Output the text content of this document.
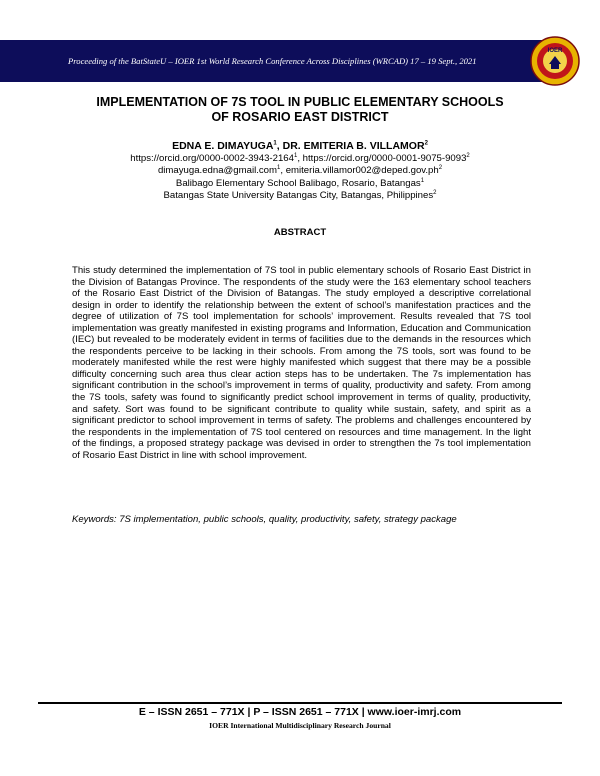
Proceeding of the BatStateU – IOER 1st World Research Conference Across Disciplines (WRCAD) 17 – 19 Sept., 2021
IOER
IMPLEMENTATION OF 7S TOOL IN PUBLIC ELEMENTARY SCHOOLS
OF ROSARIO EAST DISTRICT
EDNA E. DIMAYUGA$^1$, DR. EMITERIA B. VILLAMOR$^2$
https://orcid.org/0000-0002-3943-2164$^1$, https://orcid.org/0000-0001-9075-9093$^2$
dimayuga.edna@gmail.com$^1$, $emiteria.villamor002@deped.gov.ph^2$
Balibago Elementary School Balibago, Rosario, Batangas$^1$
Batangas State University Batangas City, Batangas, Philippines$^2$
ABSTRACT
This study determined the implementation of 7S tool in public elementary schools of Rosario East District in the Division of Batangas Province. The respondents of the study were the 163 elementary school teachers of the Rosario East District of the Division of Batangas. The study employed a descriptive correlational design in order to identify the relationship between the extent of school’s manifestation practices and the degree of utilization of 7S tool implementation for schools’ improvement. Results revealed that 7S tool implementation was greatly manifested in existing programs and Information, Education and Communication (IEC) but revealed to be moderately evident in terms of facilities due to the demands in the resources which the respondents perceive to be lacking in their schools. From among the 7S tools, sort was found to be moderately manifested while the rest were highly manifested which suggest that there may be a possible difficulty concerning such area thus clear action steps has to be undertaken. The 7s implementation has significant contribution in the school’s improvement in terms of quality, productivity and safety. From among the 7S tools, safety was found to significantly predict school improvement in terms of quality, productivity, and safety. Sort was found to be significant contribute to quality while sustain, safety, and spirit as a significant predictor to school improvement in terms of safety. The problems and challenges encountered by the respondents in the implementation of 7S tool centered on resources and time management. In the light of the findings, a proposed strategy package was devised in order to strengthen the 7s tool implementation of Rosario East District in line with school improvement.
Keywords: 7S implementation, public schools, quality, productivity, safety, strategy package
E – ISSN 2651 – 771X | P – ISSN 2651 – 771X | www.ioer-imrj.com
IOER International Multidisciplinary Research Journal
